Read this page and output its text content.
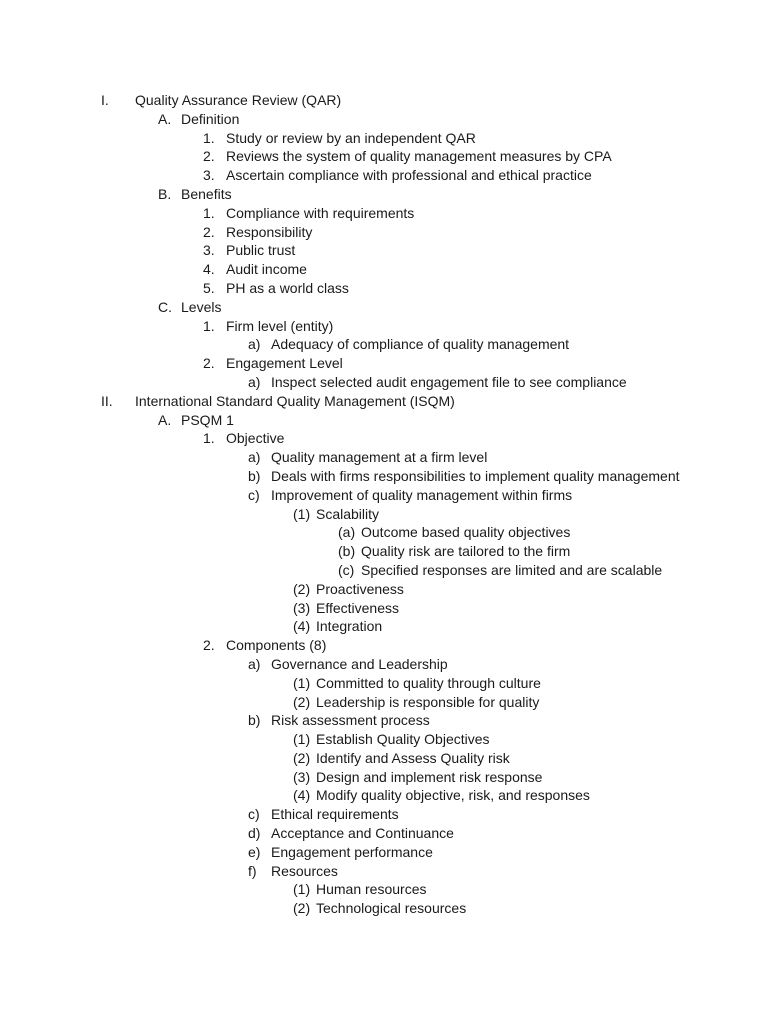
I.	Quality Assurance Review (QAR)
A. Definition
1. Study or review by an independent QAR
2. Reviews the system of quality management measures by CPA
3. Ascertain compliance with professional and ethical practice
B. Benefits
1. Compliance with requirements
2. Responsibility
3. Public trust
4. Audit income
5. PH as a world class
C. Levels
1. Firm level (entity)
a) Adequacy of compliance of quality management
2. Engagement Level
a) Inspect selected audit engagement file to see compliance
II.	International Standard Quality Management (ISQM)
A. PSQM 1
1. Objective
a) Quality management at a firm level
b) Deals with firms responsibilities to implement quality management
c) Improvement of quality management within firms
(1) Scalability
(a) Outcome based quality objectives
(b) Quality risk are tailored to the firm
(c) Specified responses are limited and are scalable
(2) Proactiveness
(3) Effectiveness
(4) Integration
2. Components (8)
a) Governance and Leadership
(1) Committed to quality through culture
(2) Leadership is responsible for quality
b) Risk assessment process
(1) Establish Quality Objectives
(2) Identify and Assess Quality risk
(3) Design and implement risk response
(4) Modify quality objective, risk, and responses
c) Ethical requirements
d) Acceptance and Continuance
e) Engagement performance
f) Resources
(1) Human resources
(2) Technological resources
